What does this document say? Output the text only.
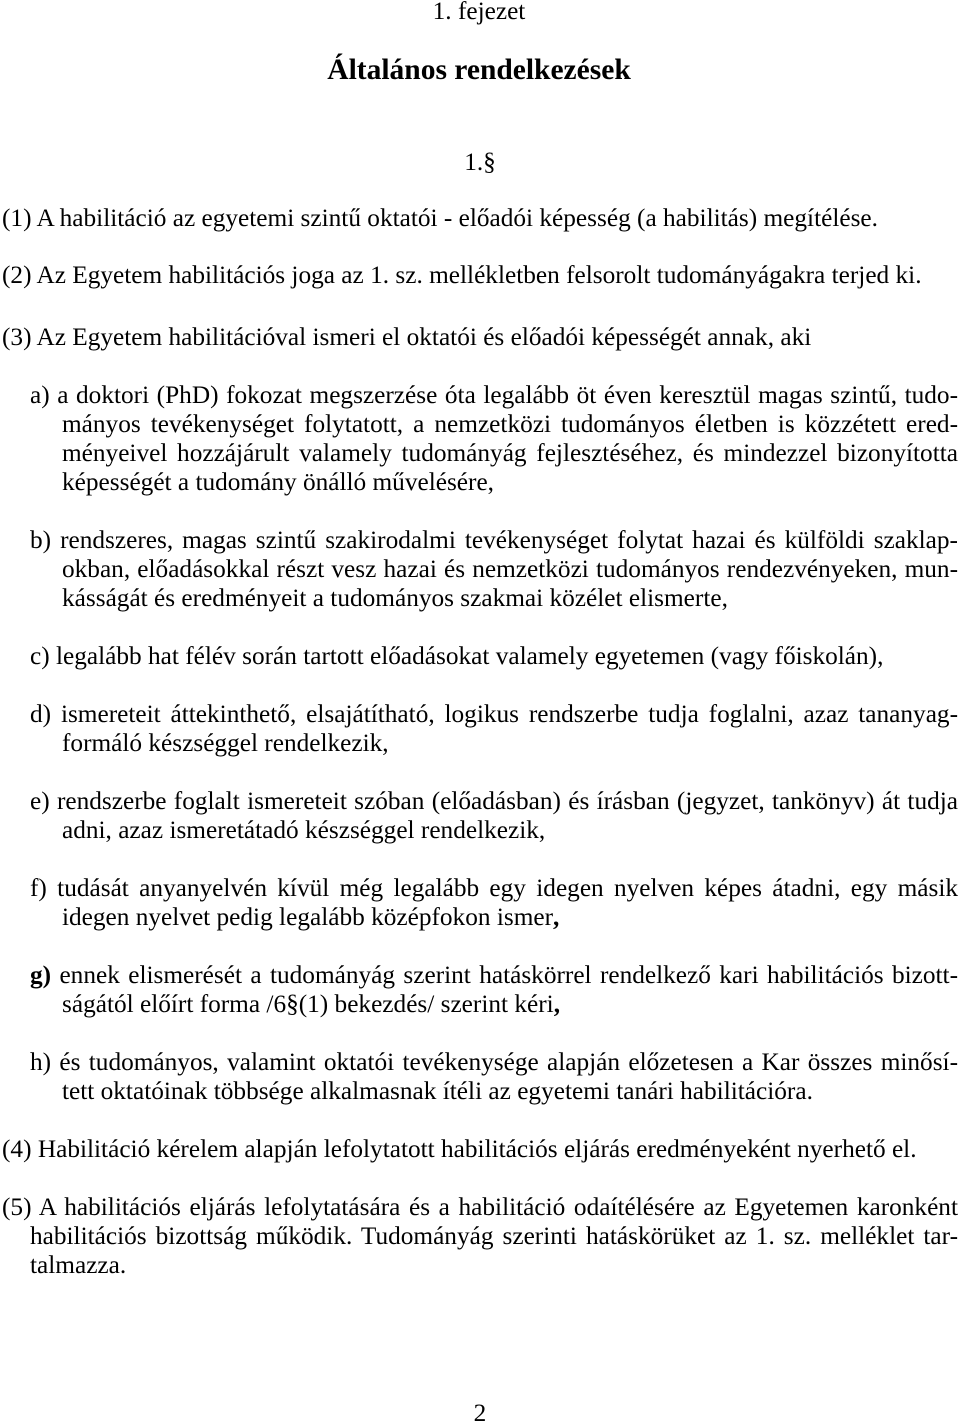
1. fejezet
Általános rendelkezések
1.§
(1) A habilitáció az egyetemi szintű oktatói - előadói képesség (a habilitás) megítélése.
(2) Az Egyetem habilitációs joga az 1. sz. mellékletben felsorolt tudományágakra terjed ki.
(3) Az Egyetem habilitációval ismeri el oktatói és előadói képességét annak, aki
a) a doktori (PhD) fokozat megszerzése óta legalább öt éven keresztül magas szintű, tudo-
mányos tevékenységet folytatott, a nemzetközi tudományos életben is közzétett ered-
ményeivel hozzájárult valamely tudományág fejlesztéséhez, és mindezzel bizonyította
képességét a tudomány önálló művelésére,
b) rendszeres, magas szintű szakirodalmi tevékenységet folytat hazai és külföldi szaklap-
okban, előadásokkal részt vesz hazai és nemzetközi tudományos rendezvényeken, mun-
kásságát és eredményeit a tudományos szakmai közélet elismerte,
c) legalább hat félév során tartott előadásokat valamely egyetemen (vagy főiskolán),
d) ismereteit áttekinthető, elsajátítható, logikus rendszerbe tudja foglalni, azaz tananyag-
formáló készséggel rendelkezik,
e) rendszerbe foglalt ismereteit szóban (előadásban) és írásban (jegyzet, tankönyv) át tudja
adni, azaz ismeretátadó készséggel rendelkezik,
f) tudását anyanyelvén kívül még legalább egy idegen nyelven képes átadni, egy másik
idegen nyelvet pedig legalább középfokon ismer,
g) ennek elismerését a tudományág szerint hatáskörrel rendelkező kari habilitációs bizott-
ságától előírt forma /6§(1) bekezdés/ szerint kéri,
h) és tudományos, valamint oktatói tevékenysége alapján előzetesen a Kar összes minősí-
tett oktatóinak többsége alkalmasnak ítéli az egyetemi tanári habilitációra.
(4) Habilitáció kérelem alapján lefolytatott habilitációs eljárás eredményeként nyerhető el.
(5) A habilitációs eljárás lefolytatására és a habilitáció odaítélésére az Egyetemen karonként
habilitációs bizottság működik. Tudományág szerinti hatáskörüket az 1. sz. melléklet tar-
talmazza.
2
